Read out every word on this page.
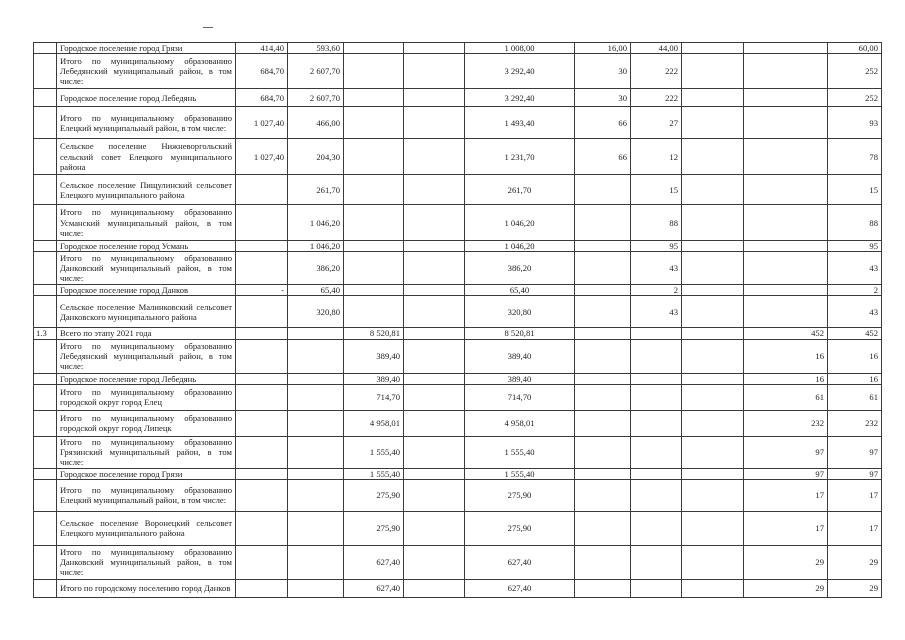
	Городское поселение город Грязи	414,40	593,60			1 008,00	16,00	44,00			60,00
	Итого по муниципальному образованию Лебедянский муниципальный район, в том числе:	684,70	2 607,70			3 292,40	30	222			252
	Городское поселение город Лебедянь	684,70	2 607,70			3 292,40	30	222			252
	Итого по муниципальному образованию Елецкий муниципальный район, в том числе:	1 027,40	466,00			1 493,40	66	27			93
	Сельское поселение Нижневоргольский сельский совет Елецкого муниципального района	1 027,40	204,30			1 231,70	66	12			78
	Сельское поселение Пищулинский сельсовет Елецкого муниципального района		261,70			261,70		15			15
	Итого по муниципальному образованию Усманский муниципальный район, в том числе:		1 046,20			1 046,20		88			88
	Городское поселение город Усмань		1 046,20			1 046,20		95			95
	Итого по муниципальному образованию Данковский муниципальный район, в том числе:		386,20			386,20		43			43
	Городское поселение город Данков	-	65,40			65,40		2			2
	Сельское поселение Малинковский сельсовет Данковского муниципального района		320,80			320,80		43			43
1.3	Всего по этапу 2021 года			8 520,81		8 520,81				452	452
	Итого по муниципальному образованию Лебедянский муниципальный район, в том числе:			389,40		389,40				16	16
	Городское поселение город Лебедянь			389,40		389,40				16	16
	Итого по муниципальному образованию городской округ город Елец			714,70		714,70				61	61
	Итого по муниципальному образованию городской округ город Липецк			4 958,01		4 958,01				232	232
	Итого по муниципальному образованию Грязинский муниципальный район, в том числе:			1 555,40		1 555,40				97	97
	Городское поселение город Грязи			1 555,40		1 555,40				97	97
	Итого по муниципальному образованию Елецкий муниципальный район, в том числе:			275,90		275,90				17	17
	Сельское поселение Воронецкий сельсовет Елецкого муниципального района			275,90		275,90				17	17
	Итого по муниципальному образованию Данковский муниципальный район, в том числе:			627,40		627,40				29	29
	Итого по городскому поселению город Данков			627,40		627,40				29	29
